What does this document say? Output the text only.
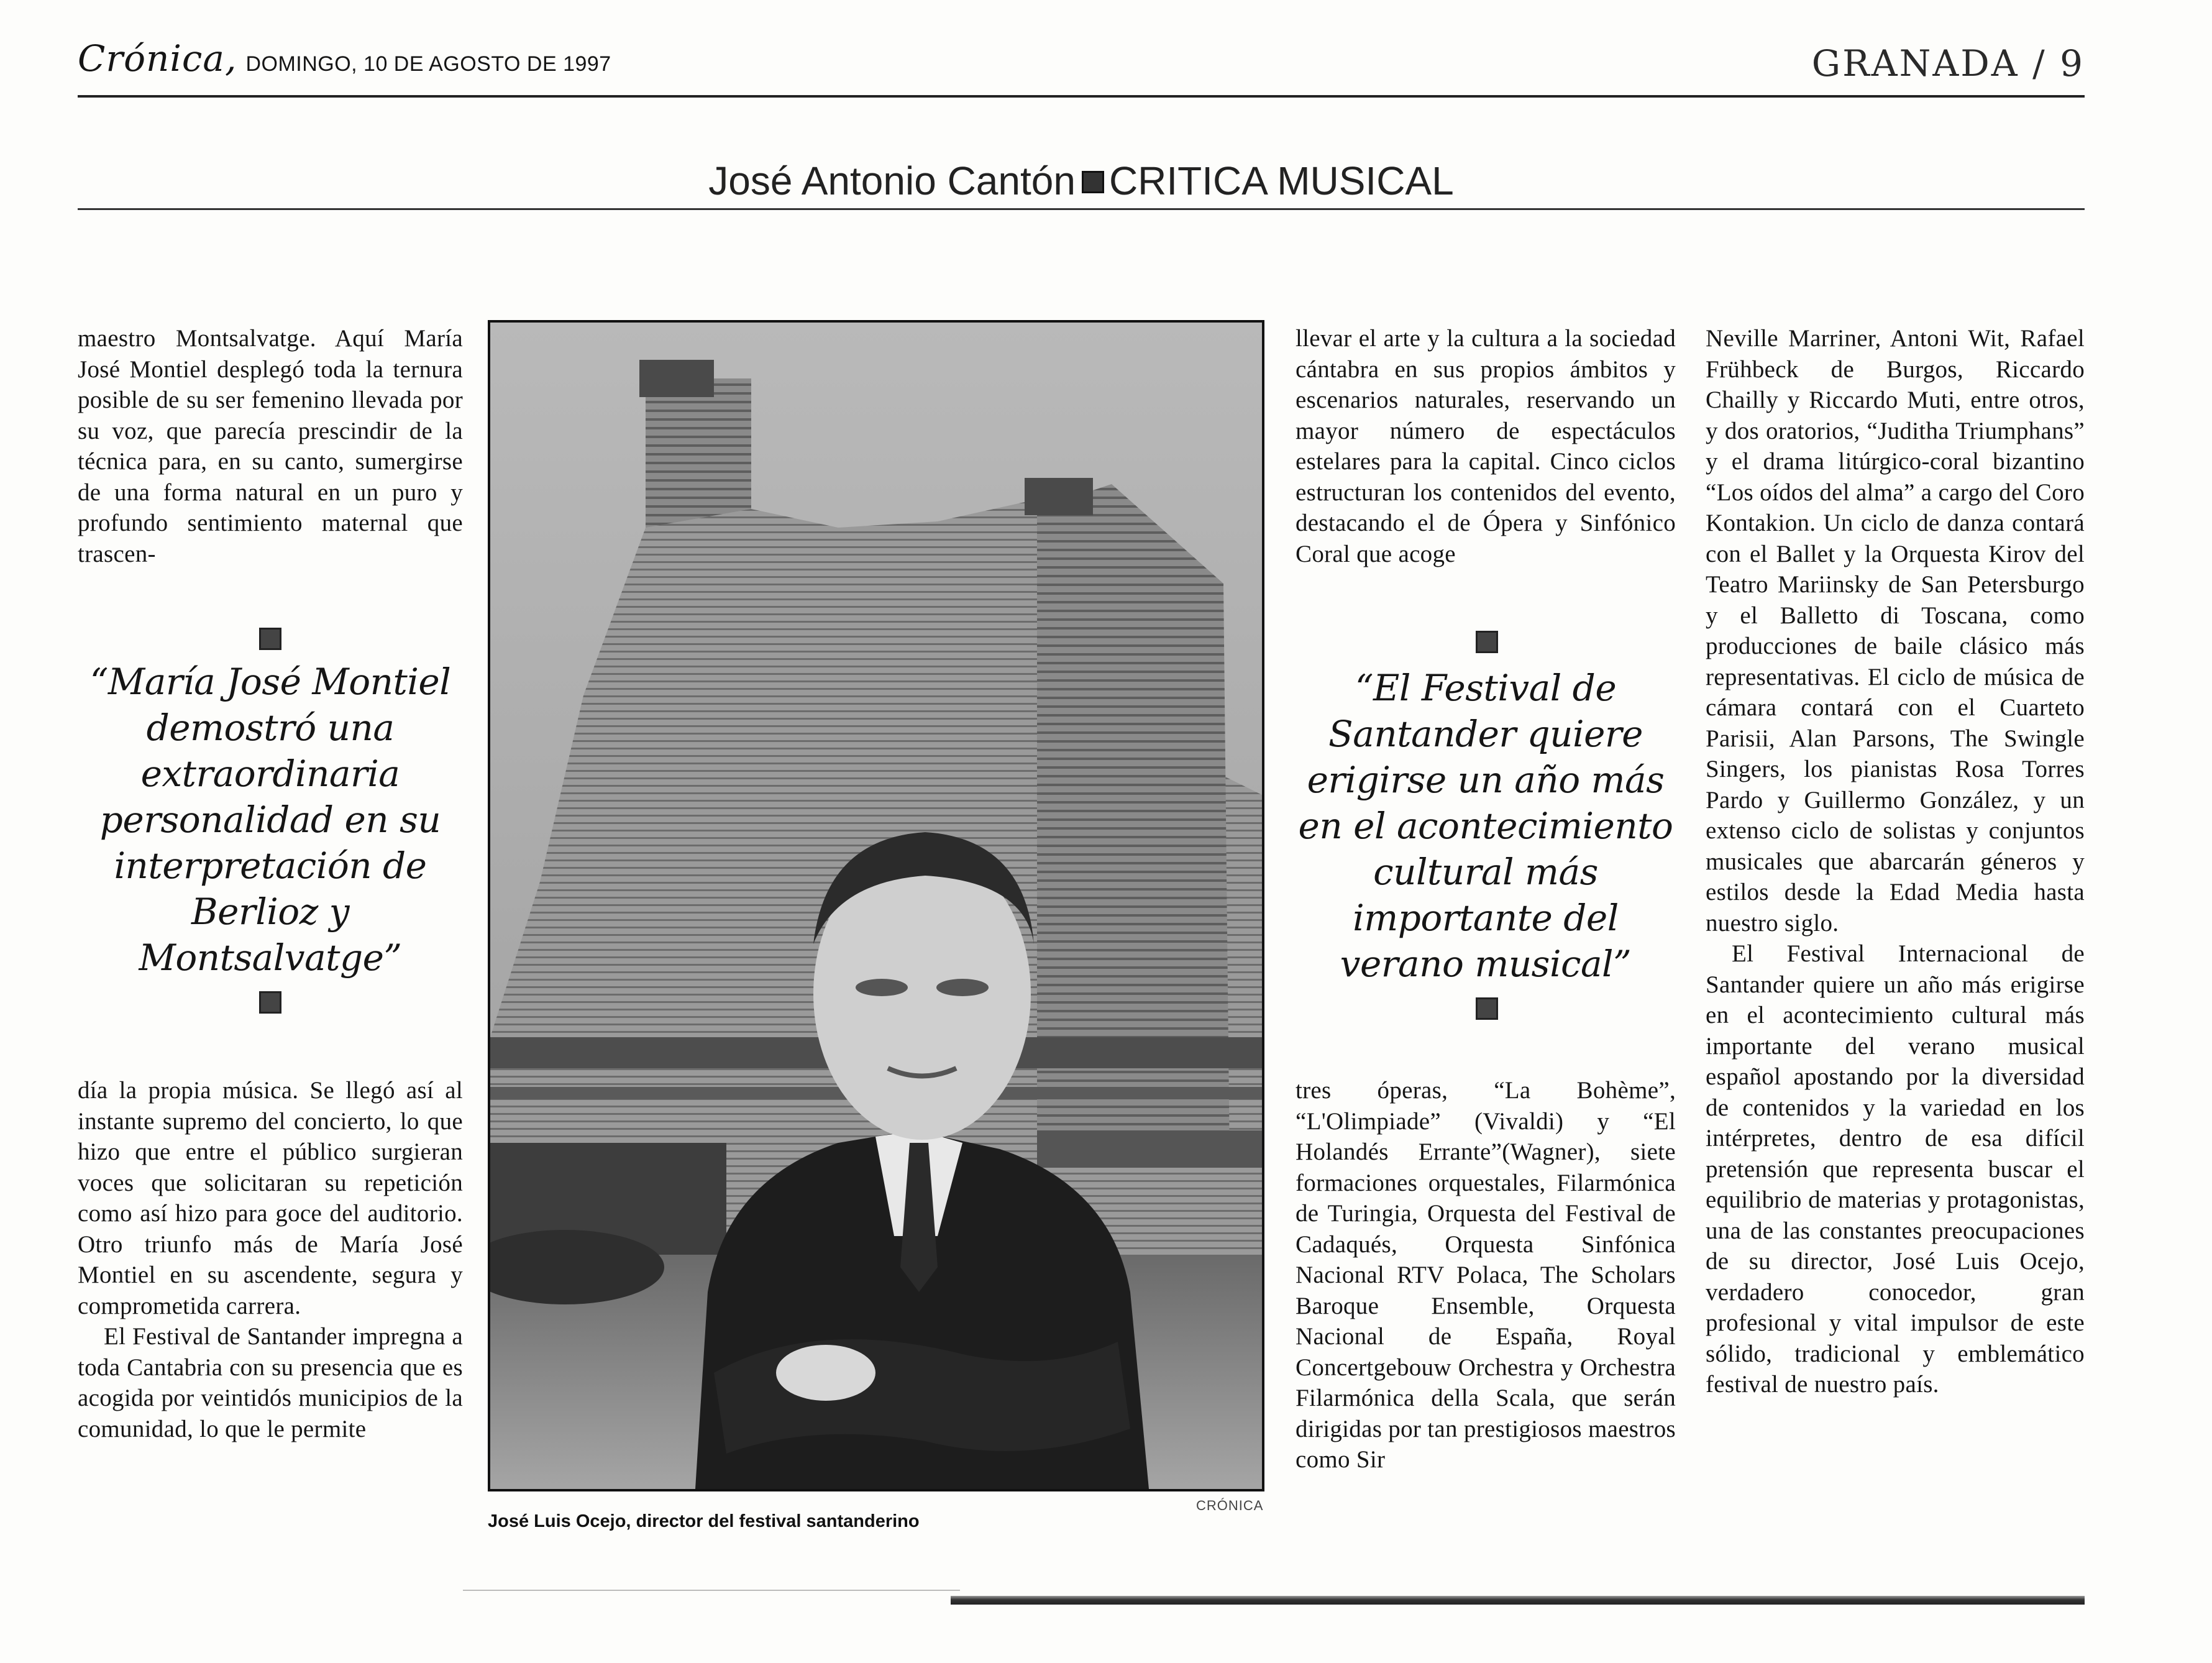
Crónica, DOMINGO, 10 DE AGOSTO DE 1997	GRANADA / 9
José Antonio Cantón CRITICA MUSICAL

maestro Montsalvatge. Aquí María José Montiel desplegó toda la ternura posible de su ser femenino llevada por su voz, que parecía prescindir de la técnica para, en su canto, sumergirse de una forma natural en un puro y profundo sentimiento maternal que trascen-

“María José Montiel demostró una extraordinaria personalidad en su interpretación de Berlioz y Montsalvatge”

día la propia música. Se llegó así al instante supremo del concierto, lo que hizo que entre el público surgieran voces que solicitaran su repetición como así hizo para goce del auditorio. Otro triunfo más de María José Montiel en su ascendente, segura y comprometida carrera.

El Festival de Santander impregna a toda Cantabria con su presencia que es acogida por veintidós municipios de la comunidad, lo que le permite

CRÓNICA
José Luis Ocejo, director del festival santanderino

llevar el arte y la cultura a la sociedad cántabra en sus propios ámbitos y escenarios naturales, reservando un mayor número de espectáculos estelares para la capital. Cinco ciclos estructuran los contenidos del evento, destacando el de Ópera y Sinfónico Coral que acoge

“El Festival de Santander quiere erigirse un año más en el acontecimiento cultural más importante del verano musical”

tres óperas, “La Bohème”, “L'Olimpiade” (Vivaldi) y “El Holandés Errante”(Wagner), siete formaciones orquestales, Filarmónica de Turingia, Orquesta del Festival de Cadaqués, Orquesta Sinfónica Nacional RTV Polaca, The Scholars Baroque Ensemble, Orquesta Nacional de España, Royal Concertgebouw Orchestra y Orchestra Filarmónica della Scala, que serán dirigidas por tan prestigiosos maestros como Sir

Neville Marriner, Antoni Wit, Rafael Frühbeck de Burgos, Riccardo Chailly y Riccardo Muti, entre otros, y dos oratorios, “Juditha Triumphans” y el drama litúrgico-coral bizantino “Los oídos del alma” a cargo del Coro Kontakion. Un ciclo de danza contará con el Ballet y la Orquesta Kirov del Teatro Mariinsky de San Petersburgo y el Balletto di Toscana, como producciones de baile clásico más representativas. El ciclo de música de cámara contará con el Cuarteto Parisii, Alan Parsons, The Swingle Singers, los pianistas Rosa Torres Pardo y Guillermo González, y un extenso ciclo de solistas y conjuntos musicales que abarcarán géneros y estilos desde la Edad Media hasta nuestro siglo.

El Festival Internacional de Santander quiere un año más erigirse en el acontecimiento cultural más importante del verano musical español apostando por la diversidad de contenidos y la variedad en los intérpretes, dentro de esa difícil pretensión que representa buscar el equilibrio de materias y protagonistas, una de las constantes preocupaciones de su director, José Luis Ocejo, verdadero conocedor, gran profesional y vital impulsor de este sólido, tradicional y emblemático festival de nuestro país.
